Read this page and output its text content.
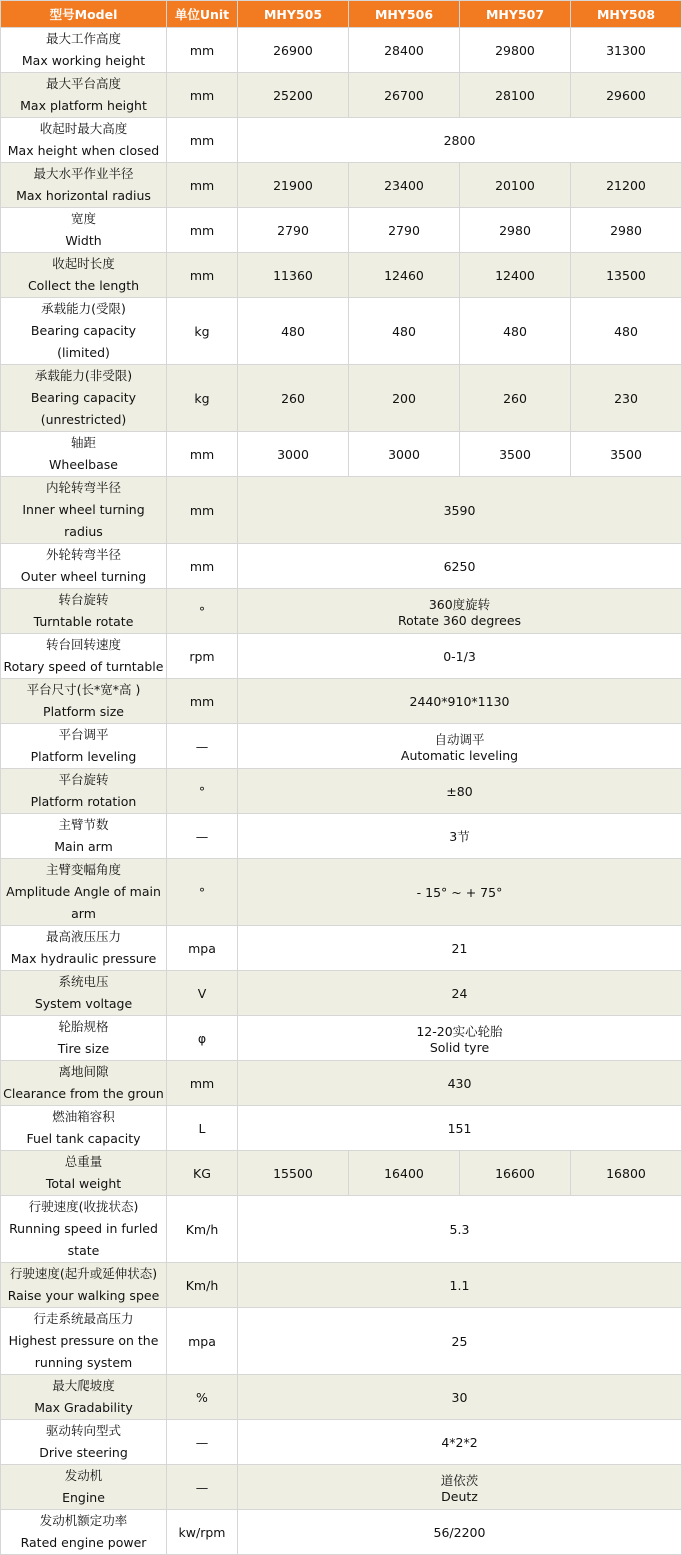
型号Model	单位Unit	MHY505	MHY506	MHY507	MHY508

最大工作高度
Max working height	mm	26900	28400	29800	31300

最大平台高度
Max platform height	mm	25200	26700	28100	29600

收起时最大高度
Max height when closed	mm	2800			

最大水平作业半径
Max horizontal radius	mm	21900	23400	20100	21200

宽度
Width	mm	2790	2790	2980	2980

收起时长度
Collect the length	mm	11360	12460	12400	13500

承载能力(受限)
Bearing capacity (limited)	kg	480	480	480	480

承载能力(非受限)
Bearing capacity
(unrestricted)	kg	260	200	260	230

轴距
Wheelbase	mm	3000	3000	3500	3500

内轮转弯半径
Inner wheel turning radius	mm	3590			

外轮转弯半径
Outer wheel turning	mm	6250			

转台旋转
Turntable rotate	°	360度旋转
Rotate 360 degrees			

转台回转速度
Rotary speed of turntable	rpm	0-1/3			

平台尺寸(长*宽*高 )
Platform size	mm	2440*910*1130			

平台调平
Platform leveling	—	自动调平
Automatic leveling			

平台旋转
Platform rotation	°	±80			

主臂节数
Main arm	—	3节			

主臂变幅角度
Amplitude Angle of main
arm	°	- 15° ~ + 75°			

最高液压压力
Max hydraulic pressure	mpa	21			

系统电压
System voltage	V	24			

轮胎规格
Tire size	φ	12-20实心轮胎
Solid tyre			

离地间隙
Clearance from the groun	mm	430			

燃油箱容积
Fuel tank capacity	L	151			

总重量
Total weight	KG	15500	16400	16600	16800

行驶速度(收拢状态)
Running speed in furled
state	Km/h	5.3			

行驶速度(起升或延伸状态)
Raise your walking spee	Km/h	1.1			

行走系统最高压力
Highest pressure on the
running system	mpa	25			

最大爬坡度
Max Gradability	%	30			

驱动转向型式
Drive steering	—	4*2*2			

发动机
Engine	—	道依茨
Deutz			

发动机额定功率
Rated engine power	kw/rpm	56/2200			
